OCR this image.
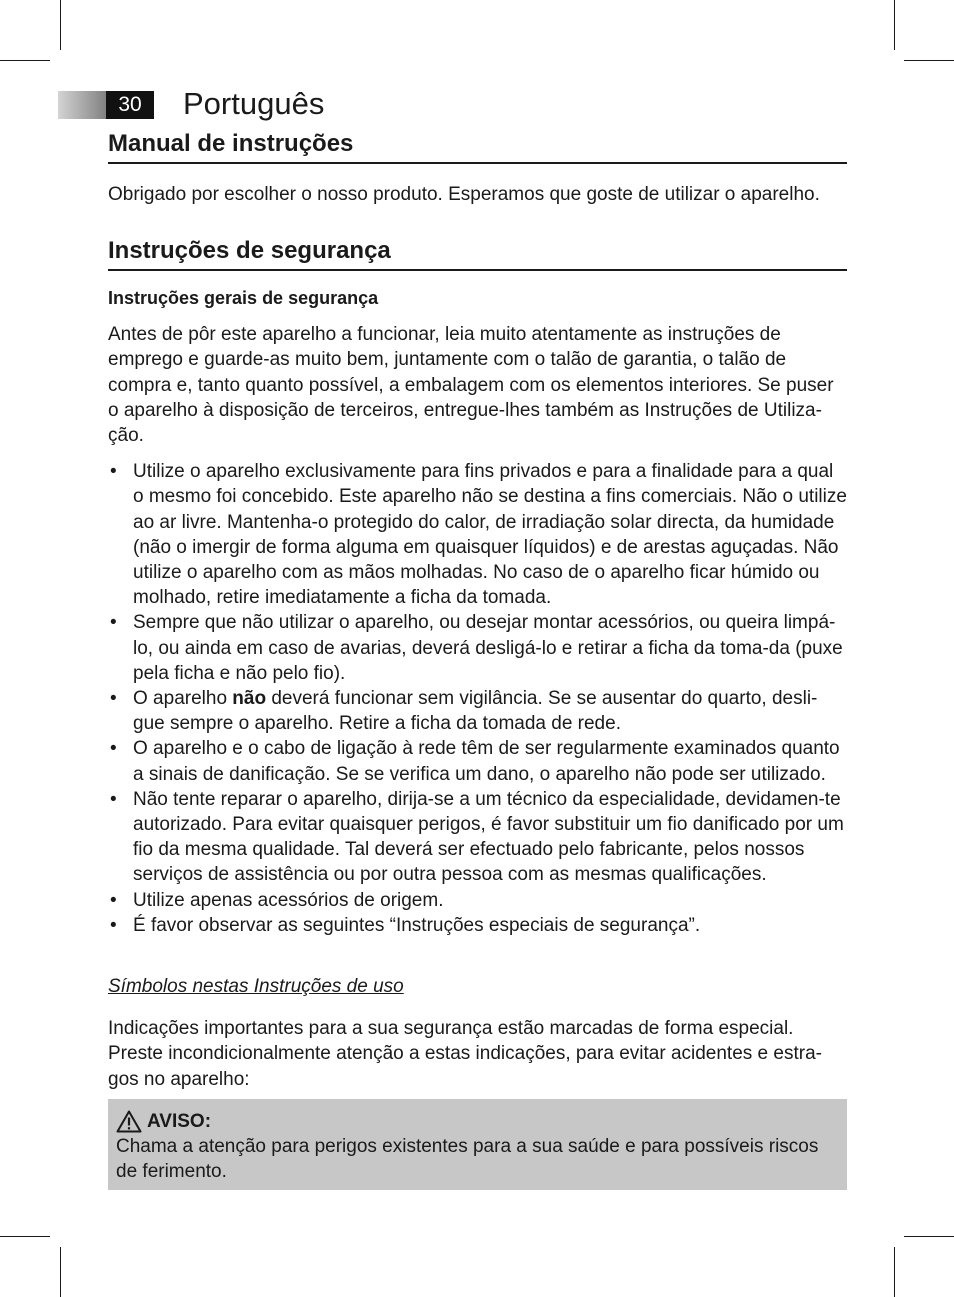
30	Português
Manual de instruções

Obrigado por escolher o nosso produto. Esperamos que goste de utilizar o aparelho.

Instruções de segurança
Instruções gerais de segurança

Antes de pôr este aparelho a funcionar, leia muito atentamente as instruções de emprego e guarde-as muito bem, juntamente com o talão de garantia, o talão de compra e, tanto quanto possível, a embalagem com os elementos interiores. Se puser o aparelho à disposição de terceiros, entregue-lhes também as Instruções de Utiliza-ção.

• Utilize o aparelho exclusivamente para fins privados e para a finalidade para a qual o mesmo foi concebido. Este aparelho não se destina a fins comerciais. Não o utilize ao ar livre. Mantenha-o protegido do calor, de irradiação solar directa, da humidade (não o imergir de forma alguma em quaisquer líquidos) e de arestas aguçadas. Não utilize o aparelho com as mãos molhadas. No caso de o aparelho ficar húmido ou molhado, retire imediatamente a ficha da tomada.
• Sempre que não utilizar o aparelho, ou desejar montar acessórios, ou queira limpá-lo, ou ainda em caso de avarias, deverá desligá-lo e retirar a ficha da toma-da (puxe pela ficha e não pelo fio).
• O aparelho não deverá funcionar sem vigilância. Se se ausentar do quarto, desli-gue sempre o aparelho. Retire a ficha da tomada de rede.
• O aparelho e o cabo de ligação à rede têm de ser regularmente examinados quanto a sinais de danificação. Se se verifica um dano, o aparelho não pode ser utilizado.
• Não tente reparar o aparelho, dirija-se a um técnico da especialidade, devidamen-te autorizado. Para evitar quaisquer perigos, é favor substituir um fio danificado por um fio da mesma qualidade. Tal deverá ser efectuado pelo fabricante, pelos nossos serviços de assistência ou por outra pessoa com as mesmas qualificações.
• Utilize apenas acessórios de origem.
• É favor observar as seguintes “Instruções especiais de segurança”.

Símbolos nestas Instruções de uso

Indicações importantes para a sua segurança estão marcadas de forma especial. Preste incondicionalmente atenção a estas indicações, para evitar acidentes e estra-gos no aparelho:

AVISO:
Chama a atenção para perigos existentes para a sua saúde e para possíveis riscos de ferimento.
